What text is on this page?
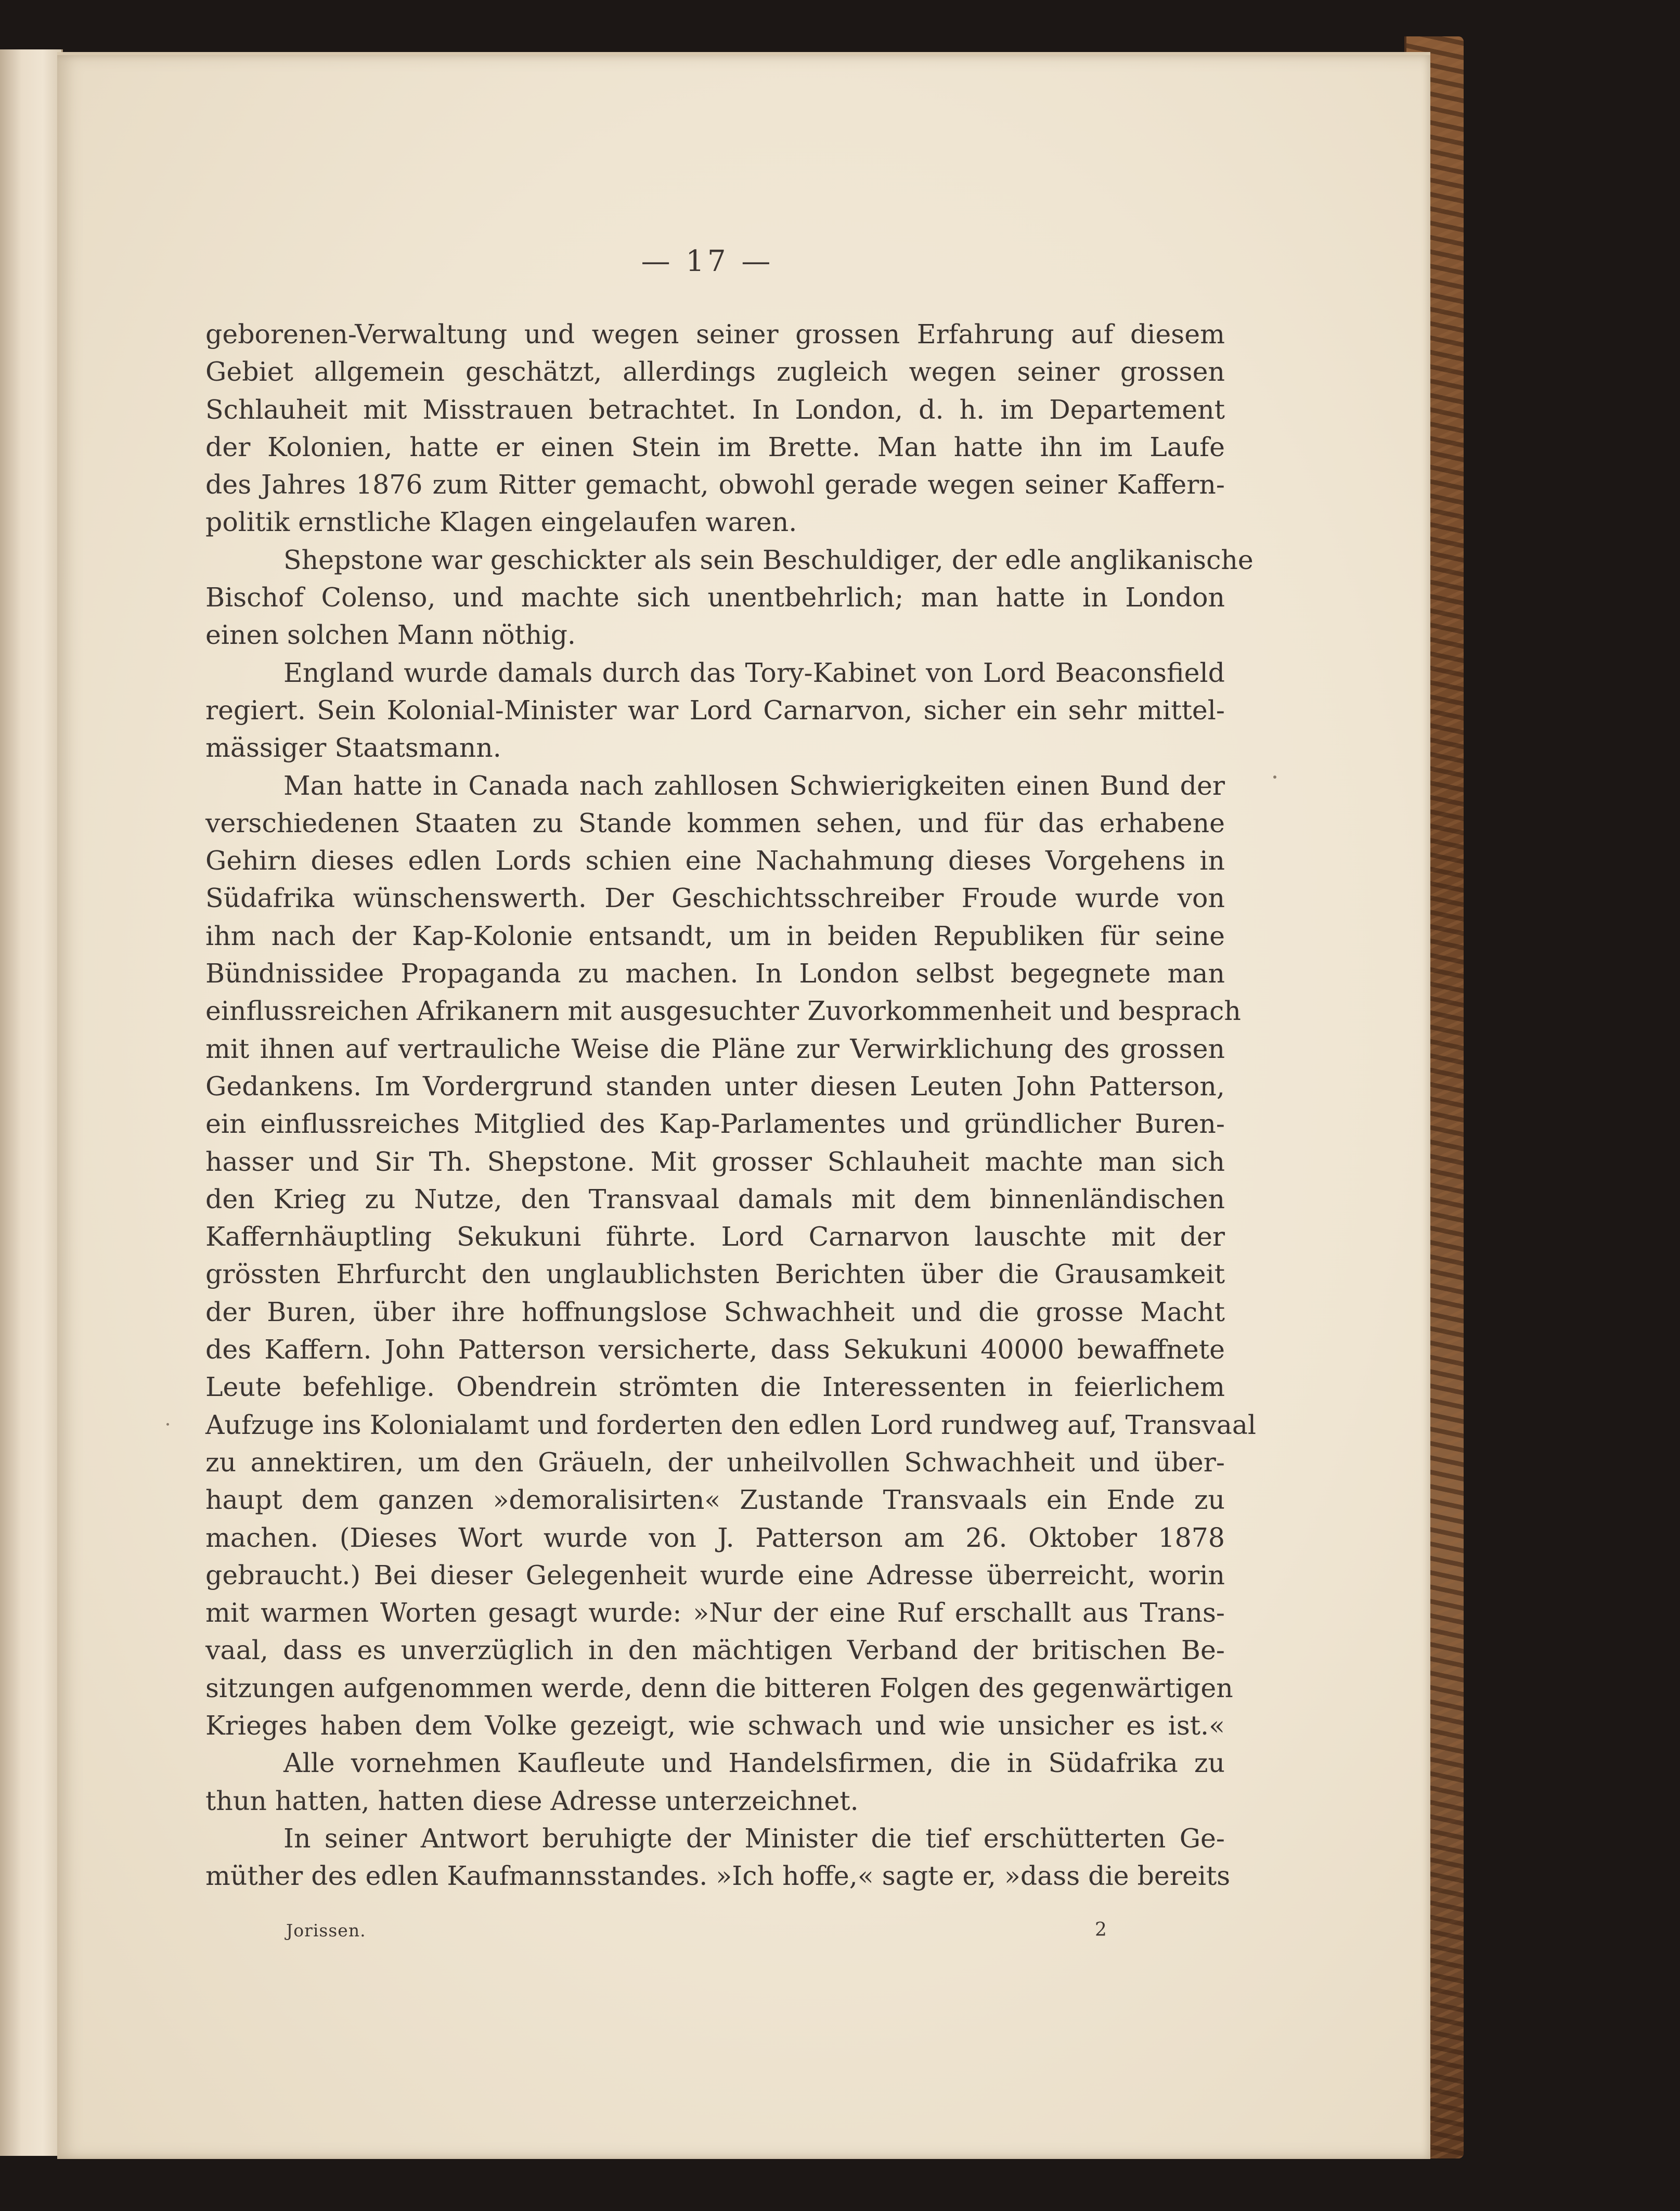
— 17 —
geborenen-Verwaltung und wegen seiner grossen Erfahrung auf diesem
Gebiet allgemein geschätzt, allerdings zugleich wegen seiner grossen
Schlauheit mit Misstrauen betrachtet. In London, d. h. im Departement
der Kolonien, hatte er einen Stein im Brette. Man hatte ihn im Laufe
des Jahres 1876 zum Ritter gemacht, obwohl gerade wegen seiner Kaffern-
politik ernstliche Klagen eingelaufen waren.
Shepstone war geschickter als sein Beschuldiger, der edle anglikanische
Bischof Colenso, und machte sich unentbehrlich; man hatte in London
einen solchen Mann nöthig.
England wurde damals durch das Tory-Kabinet von Lord Beaconsfield
regiert. Sein Kolonial-Minister war Lord Carnarvon, sicher ein sehr mittel-
mässiger Staatsmann.
Man hatte in Canada nach zahllosen Schwierigkeiten einen Bund der
verschiedenen Staaten zu Stande kommen sehen, und für das erhabene
Gehirn dieses edlen Lords schien eine Nachahmung dieses Vorgehens in
Südafrika wünschenswerth. Der Geschichtsschreiber Froude wurde von
ihm nach der Kap-Kolonie entsandt, um in beiden Republiken für seine
Bündnissidee Propaganda zu machen. In London selbst begegnete man
einflussreichen Afrikanern mit ausgesuchter Zuvorkommenheit und besprach
mit ihnen auf vertrauliche Weise die Pläne zur Verwirklichung des grossen
Gedankens. Im Vordergrund standen unter diesen Leuten John Patterson,
ein einflussreiches Mitglied des Kap-Parlamentes und gründlicher Buren-
hasser und Sir Th. Shepstone. Mit grosser Schlauheit machte man sich
den Krieg zu Nutze, den Transvaal damals mit dem binnenländischen
Kaffernhäuptling Sekukuni führte. Lord Carnarvon lauschte mit der
grössten Ehrfurcht den unglaublichsten Berichten über die Grausamkeit
der Buren, über ihre hoffnungslose Schwachheit und die grosse Macht
des Kaffern. John Patterson versicherte, dass Sekukuni 40000 bewaffnete
Leute befehlige. Obendrein strömten die Interessenten in feierlichem
Aufzuge ins Kolonialamt und forderten den edlen Lord rundweg auf, Transvaal
zu annektiren, um den Gräueln, der unheilvollen Schwachheit und über-
haupt dem ganzen »demoralisirten« Zustande Transvaals ein Ende zu
machen. (Dieses Wort wurde von J. Patterson am 26. Oktober 1878
gebraucht.) Bei dieser Gelegenheit wurde eine Adresse überreicht, worin
mit warmen Worten gesagt wurde: »Nur der eine Ruf erschallt aus Trans-
vaal, dass es unverzüglich in den mächtigen Verband der britischen Be-
sitzungen aufgenommen werde, denn die bitteren Folgen des gegenwärtigen
Krieges haben dem Volke gezeigt, wie schwach und wie unsicher es ist.«
Alle vornehmen Kaufleute und Handelsfirmen, die in Südafrika zu
thun hatten, hatten diese Adresse unterzeichnet.
In seiner Antwort beruhigte der Minister die tief erschütterten Ge-
müther des edlen Kaufmannsstandes. »Ich hoffe,« sagte er, »dass die bereits
Jorissen.	2
